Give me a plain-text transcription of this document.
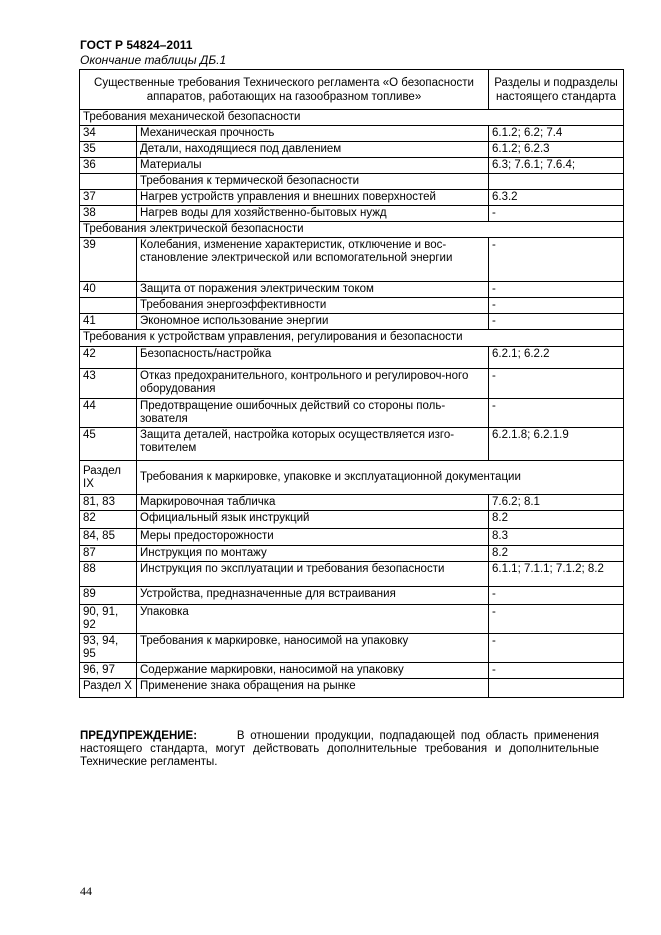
ГОСТ Р 54824–2011
Окончание таблицы ДБ.1
Существенные требования Технического регламента «О безопасности аппаратов, работающих на газообразном топливе»		Разделы и подразделы настоящего стандарта
Требования механической безопасности		
34	Механическая прочность	6.1.2; 6.2; 7.4
35	Детали, находящиеся под давлением	6.1.2; 6.2.3
36	Материалы	6.3; 7.6.1; 7.6.4;
	Требования к термической безопасности	
37	Нагрев устройств управления и внешних поверхностей	6.3.2
38	Нагрев воды для хозяйственно-бытовых нужд	-
Требования электрической безопасности		
39	Колебания, изменение характеристик, отключение и вос-становление электрической или вспомогательной энергии	-
40	Защита от поражения электрическим током	-
	Требования энергоэффективности	-
41	Экономное использование энергии	-
Требования к устройствам управления, регулирования и безопасности		
42	Безопасность/настройка	6.2.1; 6.2.2
43	Отказ предохранительного, контрольного и регулировоч-ного оборудования	-
44	Предотвращение ошибочных действий со стороны поль-зователя	-
45	Защита деталей, настройка которых осуществляется изго-товителем	6.2.1.8; 6.2.1.9
Раздел IX	Требования к маркировке, упаковке и эксплуатационной документации	
81, 83	Маркировочная табличка	7.6.2; 8.1
82	Официальный язык инструкций	8.2
84, 85	Меры предосторожности	8.3
87	Инструкция по монтажу	8.2
88	Инструкция по эксплуатации и требования безопасности	6.1.1; 7.1.1; 7.1.2; 8.2
89	Устройства, предназначенные для встраивания	-
90, 91, 92	Упаковка	-
93, 94, 95	Требования к маркировке, наносимой на упаковку	-
96, 97	Содержание маркировки, наносимой на упаковку	-
Раздел X	Применение знака обращения на рынке	
ПРЕДУПРЕЖДЕНИЕ:	В отношении продукции, подпадающей под область применения настоящего стандарта, могут действовать дополнительные требования и дополнительные Технические регламенты.
44
